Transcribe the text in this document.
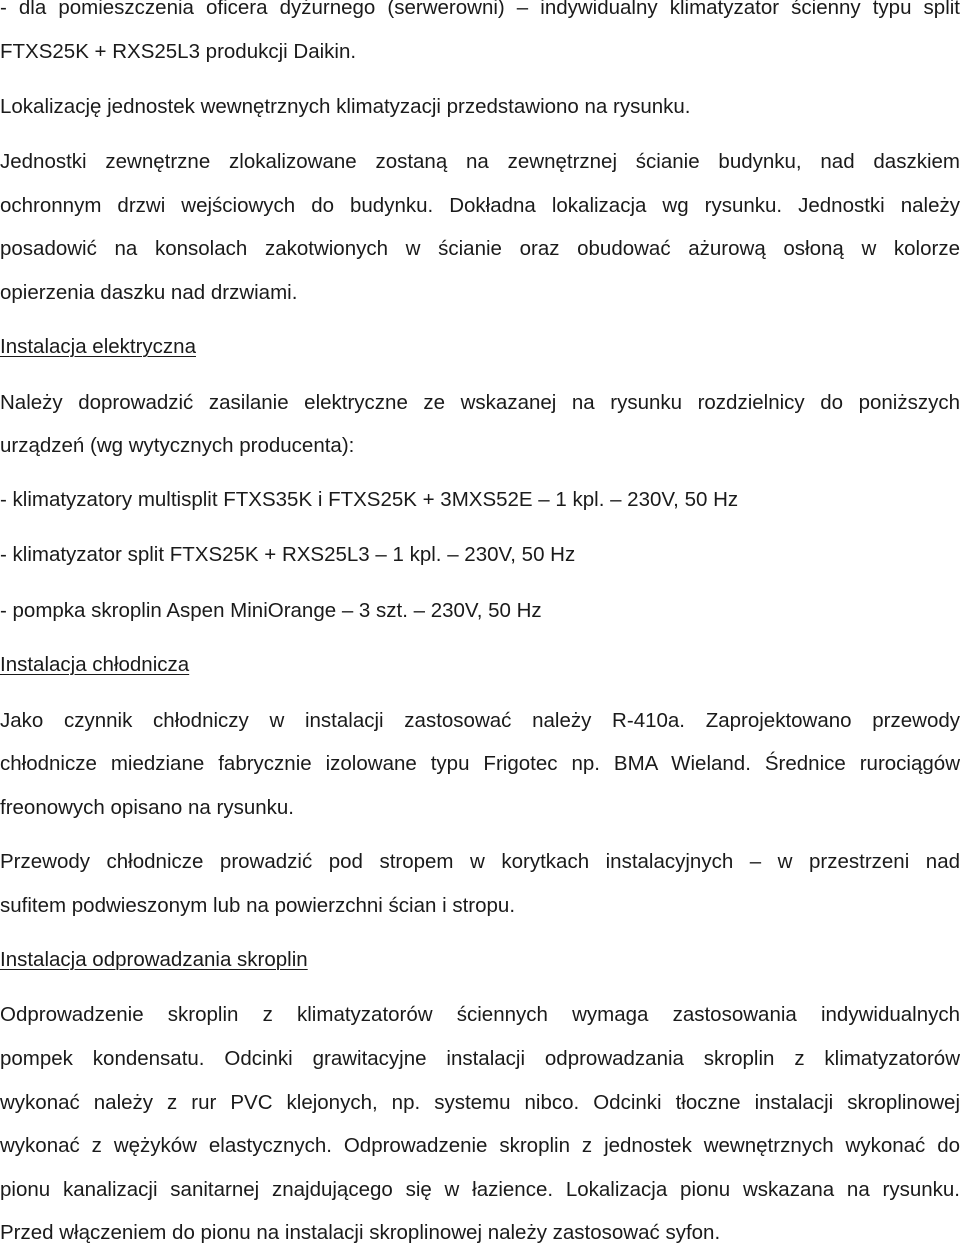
- dla pomieszczenia oficera dyżurnego (serwerowni) – indywidualny klimatyzator ścienny typu split
FTXS25K + RXS25L3 produkcji Daikin.
Lokalizację jednostek wewnętrznych klimatyzacji przedstawiono na rysunku.
Jednostki zewnętrzne zlokalizowane zostaną na zewnętrznej ścianie budynku, nad daszkiem
ochronnym drzwi wejściowych do budynku. Dokładna lokalizacja wg rysunku. Jednostki należy
posadowić na konsolach zakotwionych w ścianie oraz obudować ażurową osłoną w kolorze
opierzenia daszku nad drzwiami.
Instalacja elektryczna
Należy doprowadzić zasilanie elektryczne ze wskazanej na rysunku rozdzielnicy do poniższych
urządzeń (wg wytycznych producenta):
- klimatyzatory multisplit FTXS35K i FTXS25K + 3MXS52E – 1 kpl. – 230V, 50 Hz
- klimatyzator split FTXS25K + RXS25L3 – 1 kpl. – 230V, 50 Hz
- pompka skroplin Aspen MiniOrange – 3 szt. – 230V, 50 Hz
Instalacja chłodnicza
Jako czynnik chłodniczy w instalacji zastosować należy R-410a. Zaprojektowano przewody
chłodnicze miedziane fabrycznie izolowane typu Frigotec np. BMA Wieland. Średnice rurociągów
freonowych opisano na rysunku.
Przewody chłodnicze prowadzić pod stropem w korytkach instalacyjnych – w przestrzeni nad
sufitem podwieszonym lub na powierzchni ścian i stropu.
Instalacja odprowadzania skroplin
Odprowadzenie skroplin z klimatyzatorów ściennych wymaga zastosowania indywidualnych
pompek kondensatu. Odcinki grawitacyjne instalacji odprowadzania skroplin z klimatyzatorów
wykonać należy z rur PVC klejonych, np. systemu nibco. Odcinki tłoczne instalacji skroplinowej
wykonać z wężyków elastycznych. Odprowadzenie skroplin z jednostek wewnętrznych wykonać do
pionu kanalizacji sanitarnej znajdującego się w łazience. Lokalizacja pionu wskazana na rysunku.
Przed włączeniem do pionu na instalacji skroplinowej należy zastosować syfon.
